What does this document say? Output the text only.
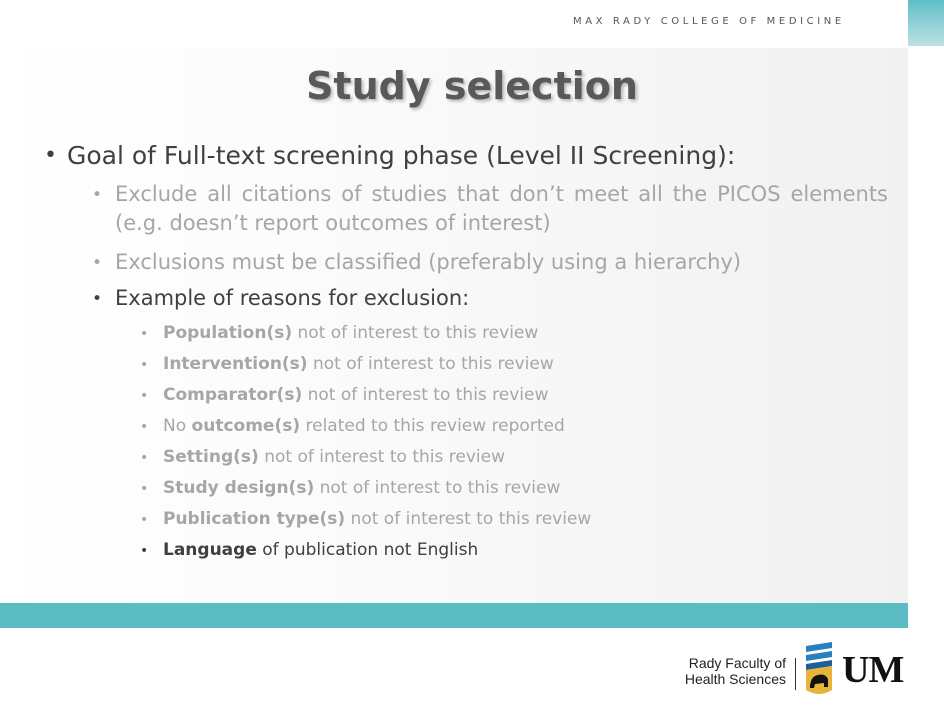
MAX RADY COLLEGE OF MEDICINE
Study selection
• Goal of Full-text screening phase (Level II Screening):
• Exclude all citations of studies that don’t meet all the PICOS elements (e.g. doesn’t report outcomes of interest)
• Exclusions must be classified (preferably using a hierarchy)
• Example of reasons for exclusion:
• Population(s) not of interest to this review
• Intervention(s) not of interest to this review
• Comparator(s) not of interest to this review
• No outcome(s) related to this review reported
• Setting(s) not of interest to this review
• Study design(s) not of interest to this review
• Publication type(s) not of interest to this review
• Language of publication not English
Rady Faculty of
Health Sciences UM
